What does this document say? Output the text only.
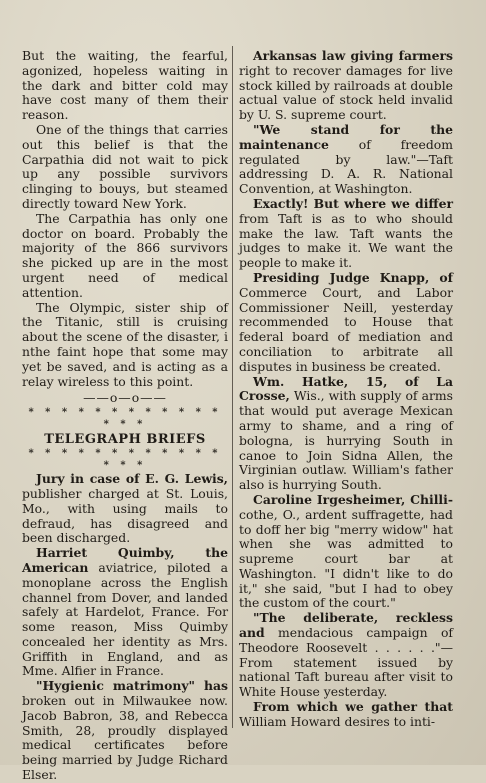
But the waiting, the fearful, agonized, hopeless waiting in the dark and bitter cold may have cost many of them their reason.

One of the things that carries out this belief is that the Carpathia did not wait to pick up any possible survivors clinging to bouys, but steamed directly toward New York.

The Carpathia has only one doctor on board. Probably the majority of the 866 survivors she picked up are in the most urgent need of medical attention.

The Olympic, sister ship of the Titanic, still is cruising about the scene of the disaster, i nthe faint hope that some may yet be saved, and is acting as a relay wireless to this point.

——o—o——
* * * * * * * * * * * * * * *
TELEGRAPH BRIEFS
* * * * * * * * * * * * * * *

Jury in case of E. G. Lewis, publisher charged at St. Louis, Mo., with using mails to defraud, has disagreed and been discharged.

Harriet Quimby, the American aviatrice, piloted a monoplane across the English channel from Dover, and landed safely at Hardelot, France. For some reason, Miss Quimby concealed her identity as Mrs. Griffith in England, and as Mme. Alfier in France.

"Hygienic matrimony" has broken out in Milwaukee now. Jacob Babron, 38, and Rebecca Smith, 28, proudly displayed medical certificates before being married by Judge Richard Elser.

Arkansas law giving farmers right to recover damages for live stock killed by railroads at double actual value of stock held invalid by U. S. supreme court.

"We stand for the maintenance of freedom regulated by law."—Taft addressing D. A. R. National Convention, at Washington.

Exactly! But where we differ from Taft is as to who should make the law. Taft wants the judges to make it. We want the people to make it.

Presiding Judge Knapp, of Commerce Court, and Labor Commissioner Neill, yesterday recommended to House that federal board of mediation and conciliation to arbitrate all disputes in business be created.

Wm. Hatke, 15, of La Crosse, Wis., with supply of arms that would put average Mexican army to shame, and a ring of bologna, is hurrying South in canoe to Join Sidna Allen, the Virginian outlaw. William's father also is hurrying South.

Caroline Irgesheimer, Chilli-cothe, O., ardent suffragette, had to doff her big "merry widow" hat when she was admitted to supreme court bar at Washington. "I didn't like to do it," she said, "but I had to obey the custom of the court."

"The deliberate, reckless and mendacious campaign of Theodore Roosevelt . . . . . ."—From statement issued by national Taft bureau after visit to White House yesterday.

From which we gather that William Howard desires to inti-
